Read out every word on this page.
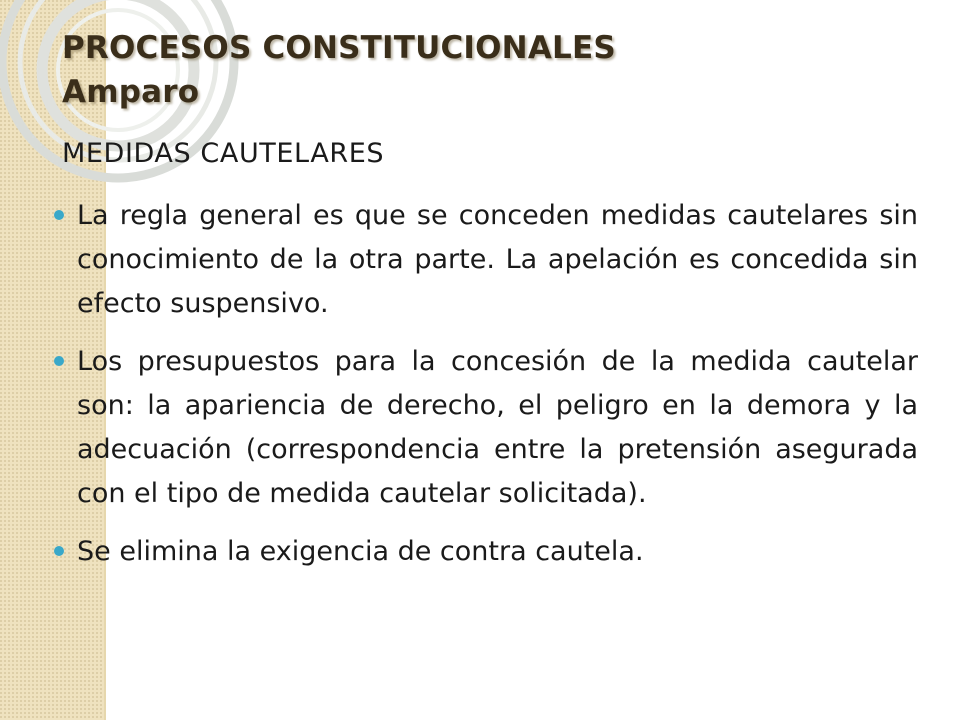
PROCESOS CONSTITUCIONALES
Amparo
MEDIDAS CAUTELARES
La regla general es que se conceden medidas cautelares sin conocimiento de la otra parte. La apelación es concedida sin efecto suspensivo.
Los presupuestos para la concesión de la medida cautelar son: la apariencia de derecho, el peligro en la demora y la adecuación (correspondencia entre la pretensión asegurada con el tipo de medida cautelar solicitada).
Se elimina la exigencia de contra cautela.
